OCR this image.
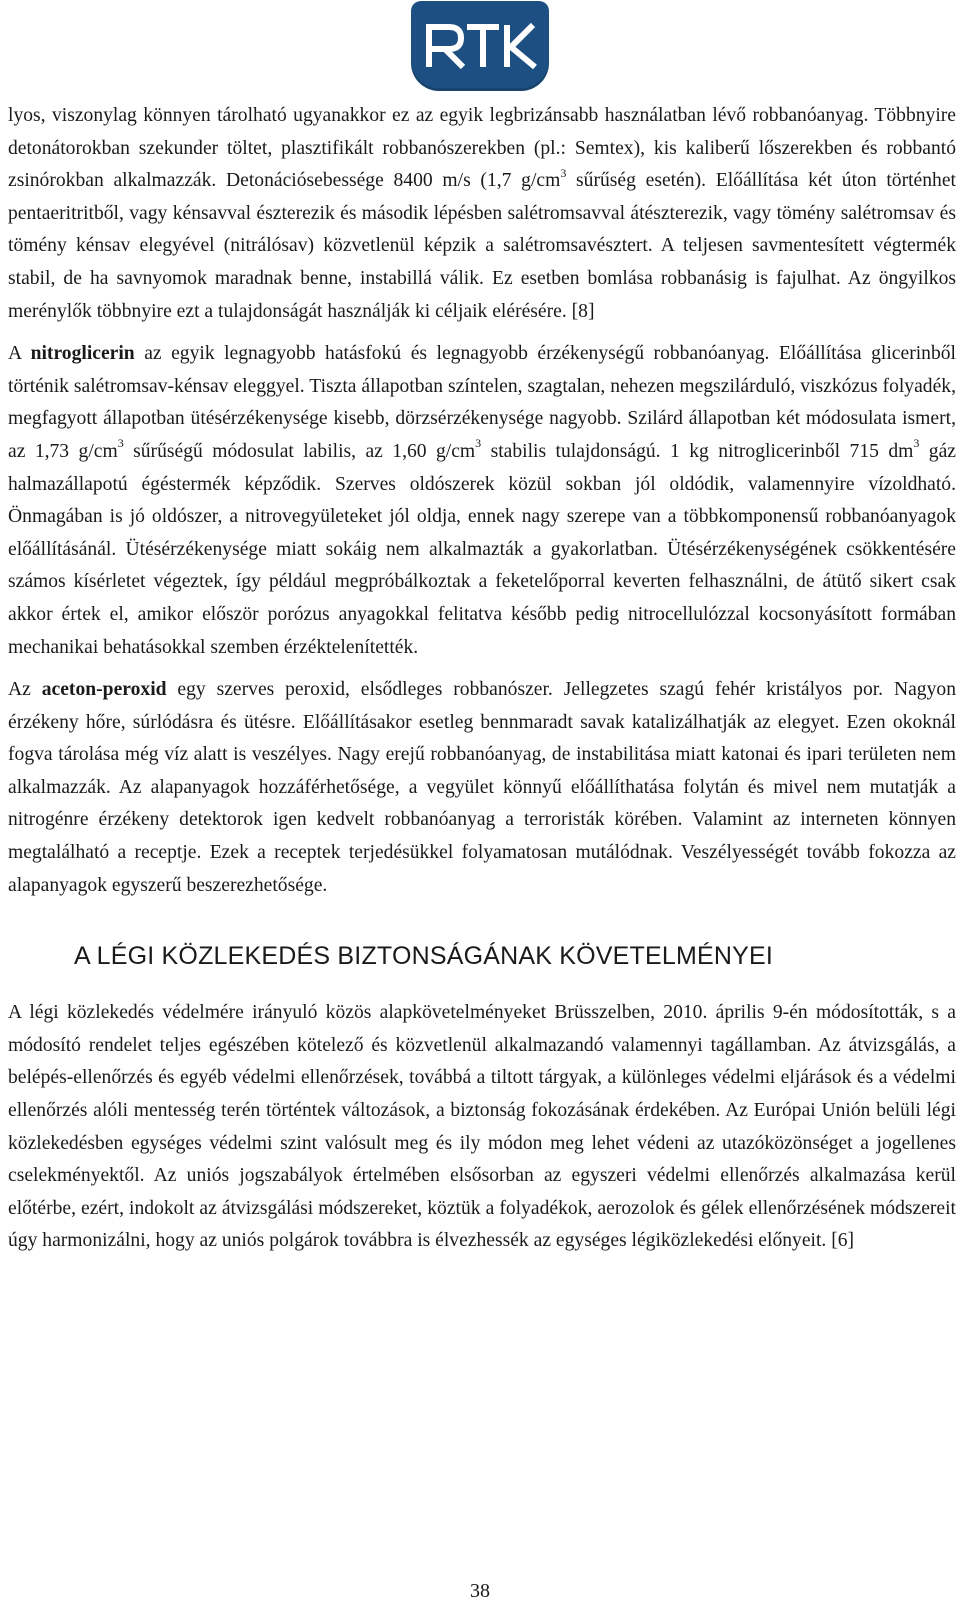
lyos, viszonylag könnyen tárolható ugyanakkor ez az egyik legbrizánsabb használatban lévő robbanóanyag. Többnyire detonátorokban szekunder töltet, plasztifikált robbanószerekben (pl.: Semtex), kis kaliberű lőszerekben és robbantó zsinórokban alkalmazzák. Detonációsebessége 8400 m/s (1,7 $g/cm^3$ sűrűség esetén). Előállítása két úton történhet pentaeritritből, vagy kénsavval észterezik és második lépésben salétromsavval átészterezik, vagy tömény salétromsav és tömény kénsav elegyével (nitrálósav) közvetlenül képzik a salétromsavésztert. A teljesen savmentesített végtermék stabil, de ha savnyomok maradnak benne, instabillá válik. Ez esetben bomlása robbanásig is fajulhat. Az öngyilkos merénylők többnyire ezt a tulajdonságát használják ki céljaik elérésére. [8]

A nitroglicerin az egyik legnagyobb hatásfokú és legnagyobb érzékenységű robbanóanyag. Előállítása glicerinből történik salétromsav-kénsav eleggyel. Tiszta állapotban színtelen, szagtalan, nehezen megszilárduló, viszkózus folyadék, megfagyott állapotban ütésérzékenysége kisebb, dörzsérzékenysége nagyobb. Szilárd állapotban két módosulata ismert, az 1,73 $g/cm^3$ sűrűségű módosulat labilis, az 1,60 $g/cm^3$ stabilis tulajdonságú. 1 kg nitroglicerinből 715 $dm^3$ gáz halmazállapotú égéstermék képződik. Szerves oldószerek közül sokban jól oldódik, valamennyire vízoldható. Önmagában is jó oldószer, a nitrovegyületeket jól oldja, ennek nagy szerepe van a többkomponensű robbanóanyagok előállításánál. Ütésérzékenysége miatt sokáig nem alkalmazták a gyakorlatban. Ütésérzékenységének csökkentésére számos kísérletet végeztek, így például megpróbálkoztak a feketelőporral keverten felhasználni, de átütő sikert csak akkor értek el, amikor először porózus anyagokkal felitatva később pedig nitrocellulózzal kocsonyásított formában mechanikai behatásokkal szemben érzéktelenítették.

Az aceton-peroxid egy szerves peroxid, elsődleges robbanószer. Jellegzetes szagú fehér kristályos por. Nagyon érzékeny hőre, súrlódásra és ütésre. Előállításakor esetleg bennmaradt savak katalizálhatják az elegyet. Ezen okoknál fogva tárolása még víz alatt is veszélyes. Nagy erejű robbanóanyag, de instabilitása miatt katonai és ipari területen nem alkalmazzák. Az alapanyagok hozzáférhetősége, a vegyület könnyű előállíthatása folytán és mivel nem mutatják a nitrogénre érzékeny detektorok igen kedvelt robbanóanyag a terroristák körében. Valamint az interneten könnyen megtalálható a receptje. Ezek a receptek terjedésükkel folyamatosan mutálódnak. Veszélyességét tovább fokozza az alapanyagok egyszerű beszerezhetősége.

A LÉGI KÖZLEKEDÉS BIZTONSÁGÁNAK KÖVETELMÉNYEI

A légi közlekedés védelmére irányuló közös alapkövetelményeket Brüsszelben, 2010. április 9-én módosították, s a módosító rendelet teljes egészében kötelező és közvetlenül alkalmazandó valamennyi tagállamban. Az átvizsgálás, a belépés-ellenőrzés és egyéb védelmi ellenőrzések, továbbá a tiltott tárgyak, a különleges védelmi eljárások és a védelmi ellenőrzés alóli mentesség terén történtek változások, a biztonság fokozásának érdekében. Az Európai Unión belüli légi közlekedésben egységes védelmi szint valósult meg és ily módon meg lehet védeni az utazóközönséget a jogellenes cselekményektől. Az uniós jogszabályok értelmében elsősorban az egyszeri védelmi ellenőrzés alkalmazása kerül előtérbe, ezért, indokolt az átvizsgálási módszereket, köztük a folyadékok, aerozolok és gélek ellenőrzésének módszereit úgy harmonizálni, hogy az uniós polgárok továbbra is élvezhessék az egységes légiközlekedési előnyeit. [6]

38
